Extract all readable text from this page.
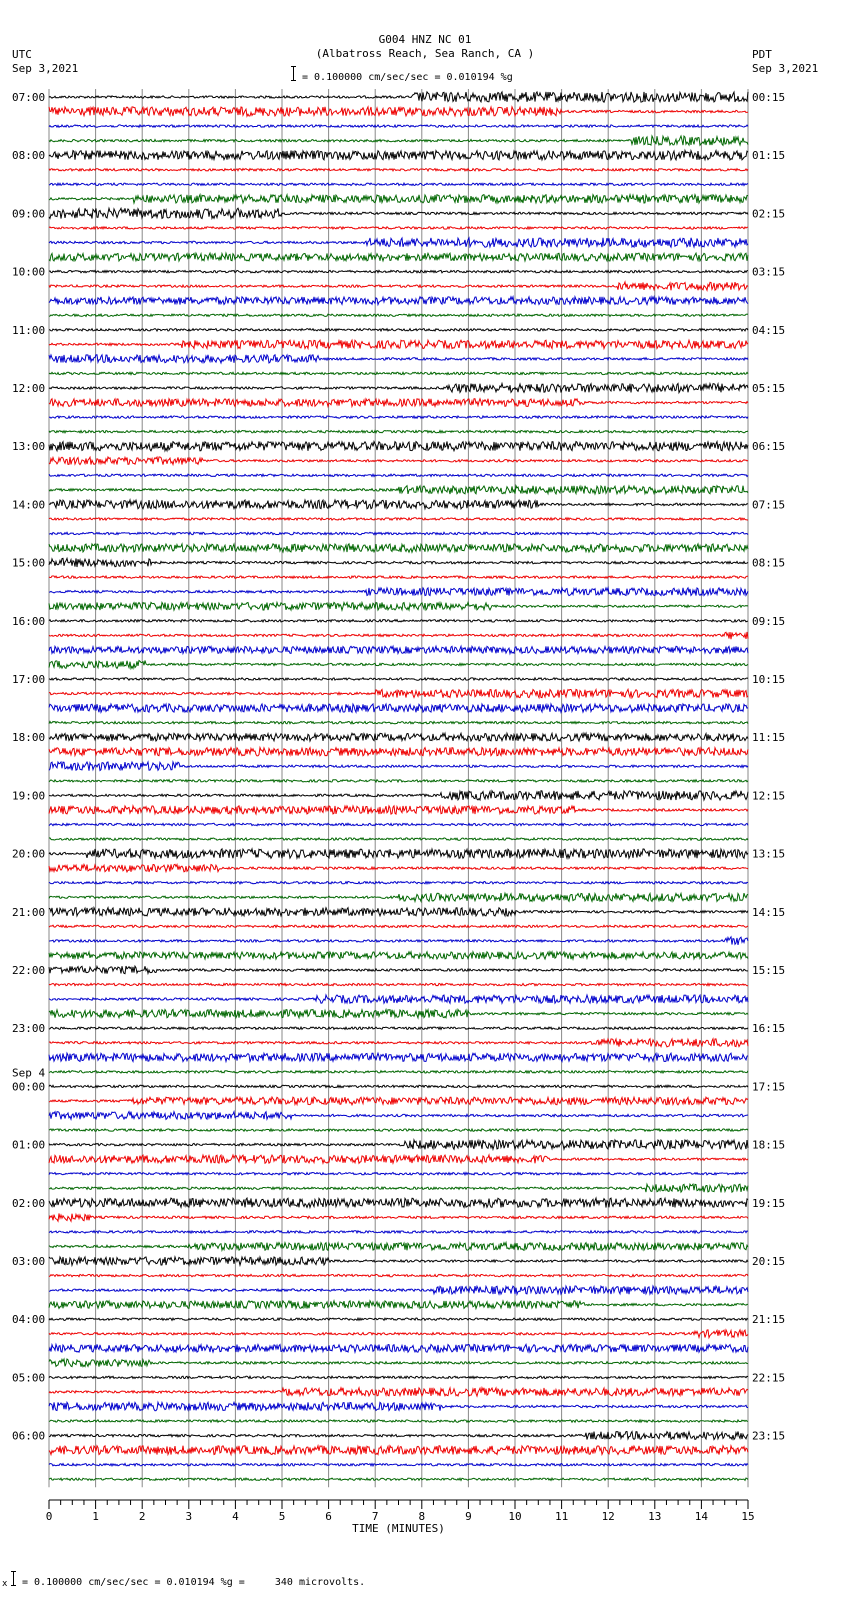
G004 HNZ NC 01
(Albatross Reach, Sea Ranch, CA )
UTC
Sep 3,2021
PDT
Sep 3,2021
= 0.100000 cm/sec/sec = 0.010194 %g
0	1	2	3	4	5	6	7	8	9	10	11	12	13	14	15
TIME (MINUTES)
07:00
08:00
09:00
10:00
11:00
12:00
13:00
14:00
15:00
16:00
17:00
18:00
19:00
20:00
21:00
22:00
23:00
00:00
Sep 4
01:00
02:00
03:00
04:00
05:00
06:00
00:15
01:15
02:15
03:15
04:15
05:15
06:15
07:15
08:15
09:15
10:15
11:15
12:15
13:15
14:15
15:15
16:15
17:15
18:15
19:15
20:15
21:15
22:15
23:15
x = 0.100000 cm/sec/sec = 0.010194 %g =     340 microvolts.
